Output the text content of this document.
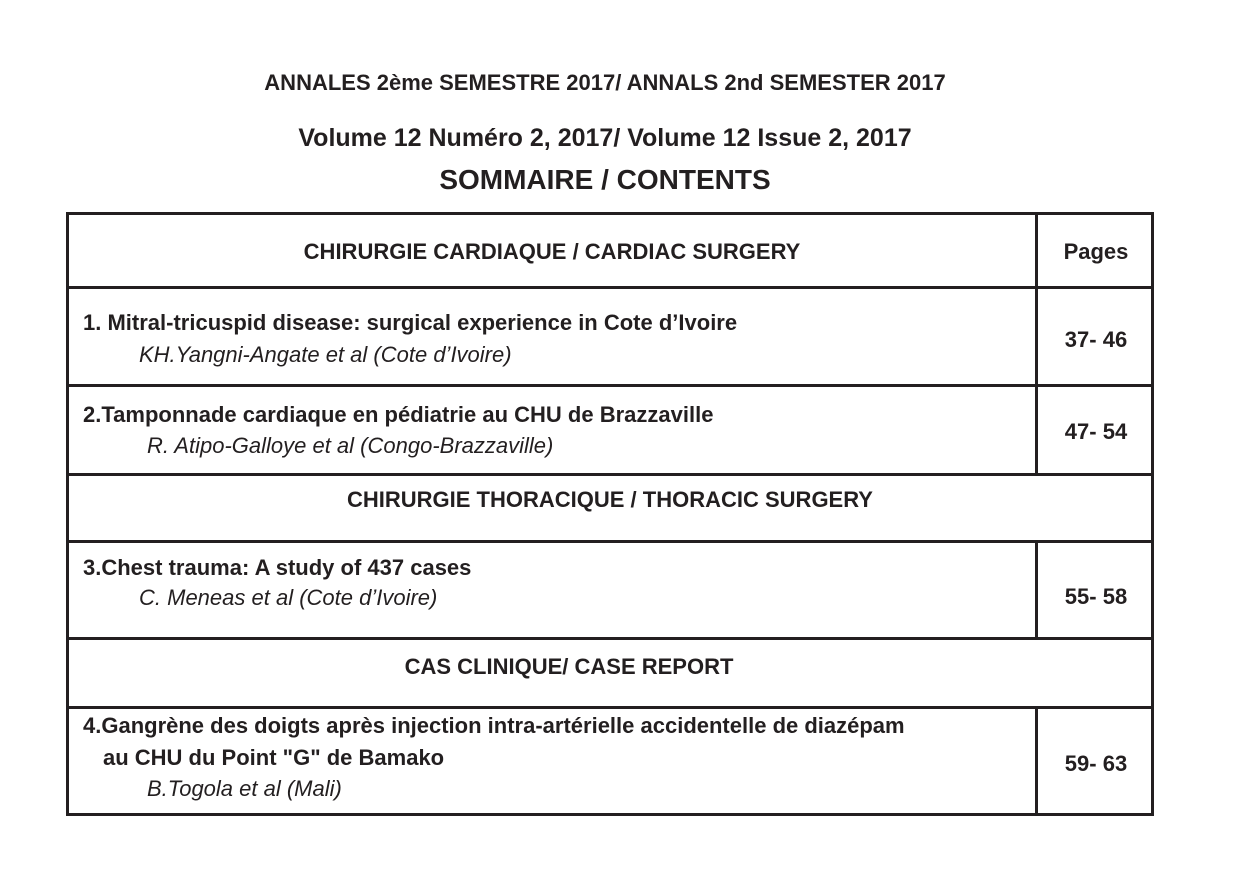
ANNALES 2ème SEMESTRE 2017/ ANNALS 2nd SEMESTER 2017
Volume 12 Numéro 2, 2017/ Volume 12 Issue 2, 2017
SOMMAIRE / CONTENTS
CHIRURGIE CARDIAQUE / CARDIAC SURGERY	Pages
1. Mitral-tricuspid disease: surgical experience in Cote d’Ivoire
KH.Yangni-Angate et al (Cote d’Ivoire)
37- 46
2.Tamponnade cardiaque en pédiatrie au CHU de Brazzaville
R. Atipo-Galloye et al (Congo-Brazzaville)
47- 54
CHIRURGIE THORACIQUE / THORACIC SURGERY
3.Chest trauma: A study of 437 cases
C. Meneas et al (Cote d’Ivoire)	55- 58
CAS CLINIQUE/ CASE REPORT
4.Gangrène des doigts après injection intra-artérielle accidentelle de diazépam
au CHU du Point "G" de Bamako
B.Togola et al (Mali)
59- 63
